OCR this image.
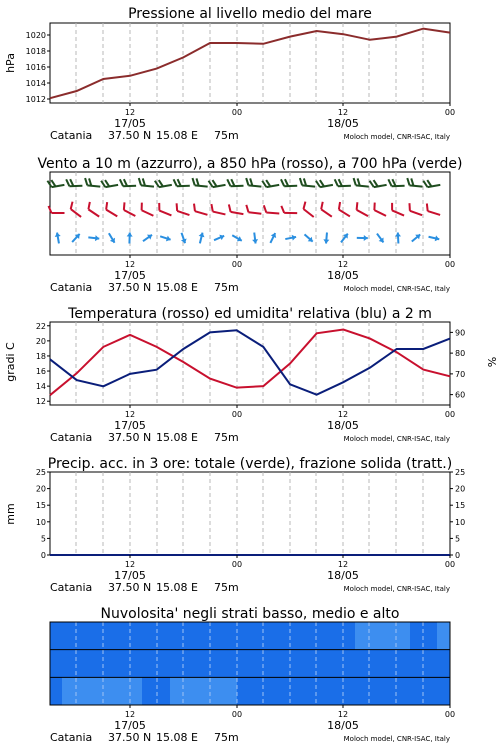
Pressione al livello medio del mare
1012
1014
1016
1018
1020
hPa
12	00	12	00
17/05	18/05
Catania 37.50 N 15.08 E 75m	Moloch model, CNR-ISAC, Italy
Vento a 10 m (azzurro), a 850 hPa (rosso), a 700 hPa (verde)
12	00	12	00
17/05	18/05
Catania 37.50 N 15.08 E 75m	Moloch model, CNR-ISAC, Italy
Temperatura (rosso) ed umidita' relativa (blu) a 2 m
12
14
16
18
20
22
60
70
80
90
gradi C	%
12	00	12	00
17/05	18/05
Catania 37.50 N 15.08 E 75m	Moloch model, CNR-ISAC, Italy
Precip. acc. in 3 ore: totale (verde), frazione solida (tratt.)
0	0
5	5
10	10
15	15
20	20
25	25
mm
12	00	12	00
17/05	18/05
Catania 37.50 N 15.08 E 75m	Moloch model, CNR-ISAC, Italy
Nuvolosita' negli strati basso, medio e alto
12	00	12	00
17/05	18/05
Catania 37.50 N 15.08 E 75m	Moloch model, CNR-ISAC, Italy
